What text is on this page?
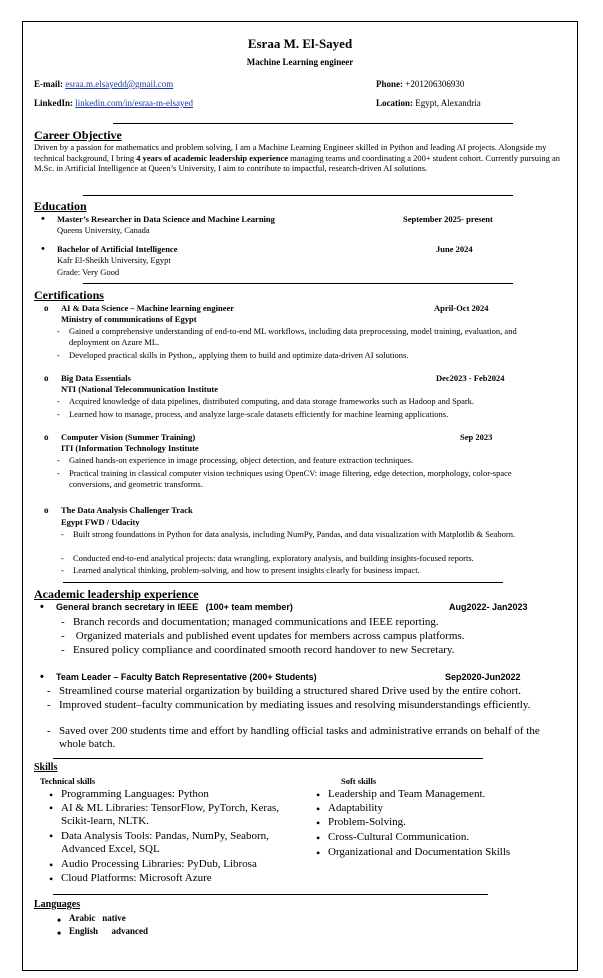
Esraa M. El-Sayed
Machine Learning engineer
E-mail: esraa.m.elsayedd@gmail.com	Phone: +201206306930
LinkedIn: linkedin.com/in/esraa-m-elsayed	Location: Egypt, Alexandria
Career Objective
Driven by a passion for mathematics and problem solving, I am a Machine Learning Engineer skilled in Python and leading AI projects. Alongside my technical background, I bring 4 years of academic leadership experience managing teams and coordinating a 200+ student cohort. Currently pursuing an M.Sc. in Artificial Intelligence at Queen’s University, I aim to contribute to impactful, research-driven AI solutions.
Education
• Master’s Researcher in Data Science and Machine Learning	September 2025- present
Queens University, Canada
• Bachelor of Artificial Intelligence	June 2024
Kafr El-Sheikh University, Egypt
Grade: Very Good
Certifications
o AI & Data Science – Machine learning engineer	April-Oct 2024
Ministry of communications of Egypt
- Gained a comprehensive understanding of end-to-end ML workflows, including data preprocessing, model training, evaluation, and deployment on Azure ML.
- Developed practical skills in Python,, applying them to build and optimize data-driven AI solutions.
o Big Data Essentials	Dec2023 - Feb2024
NTI (National Telecommunication Institute
- Acquired knowledge of data pipelines, distributed computing, and data storage frameworks such as Hadoop and Spark.
- Learned how to manage, process, and analyze large-scale datasets efficiently for machine learning applications.
o Computer Vision (Summer Training)	Sep 2023
ITI (Information Technology Institute
- Gained hands-on experience in image processing, object detection, and feature extraction techniques.
- Practical training in classical computer vision techniques using OpenCV: image filtering, edge detection, morphology, color-space conversions, and geometric transforms.
o The Data Analysis Challenger Track
Egypt FWD / Udacity
- Built strong foundations in Python for data analysis, including NumPy, Pandas, and data visualization with Matplotlib & Seaborn.
- Conducted end-to-end analytical projects: data wrangling, exploratory analysis, and building insights-focused reports.
- Learned analytical thinking, problem-solving, and how to present insights clearly for business impact.
Academic leadership experience
• General branch secretary in IEEE   (100+ team member)	Aug2022- Jan2023
- Branch records and documentation; managed communications and IEEE reporting.
-  Organized materials and published event updates for members across campus platforms.
- Ensured policy compliance and coordinated smooth record handover to new Secretary.
• Team Leader – Faculty Batch Representative (200+ Students)	Sep2020-Jun2022
- Streamlined course material organization by building a structured shared Drive used by the entire cohort.
- Improved student–faculty communication by mediating issues and resolving misunderstandings efficiently.
- Saved over 200 students time and effort by handling official tasks and administrative errands on behalf of the whole batch.
Skills
Technical skills	Soft skills
• Programming Languages: Python
• AI & ML Libraries: TensorFlow, PyTorch, Keras, Scikit-learn, NLTK.
• Data Analysis Tools: Pandas, NumPy, Seaborn, Advanced Excel, SQL
• Audio Processing Libraries: PyDub, Librosa
• Cloud Platforms: Microsoft Azure
• Leadership and Team Management.
• Adaptability
• Problem-Solving.
• Cross-Cultural Communication.
• Organizational and Documentation Skills
Languages
• Arabic native
• English advanced
